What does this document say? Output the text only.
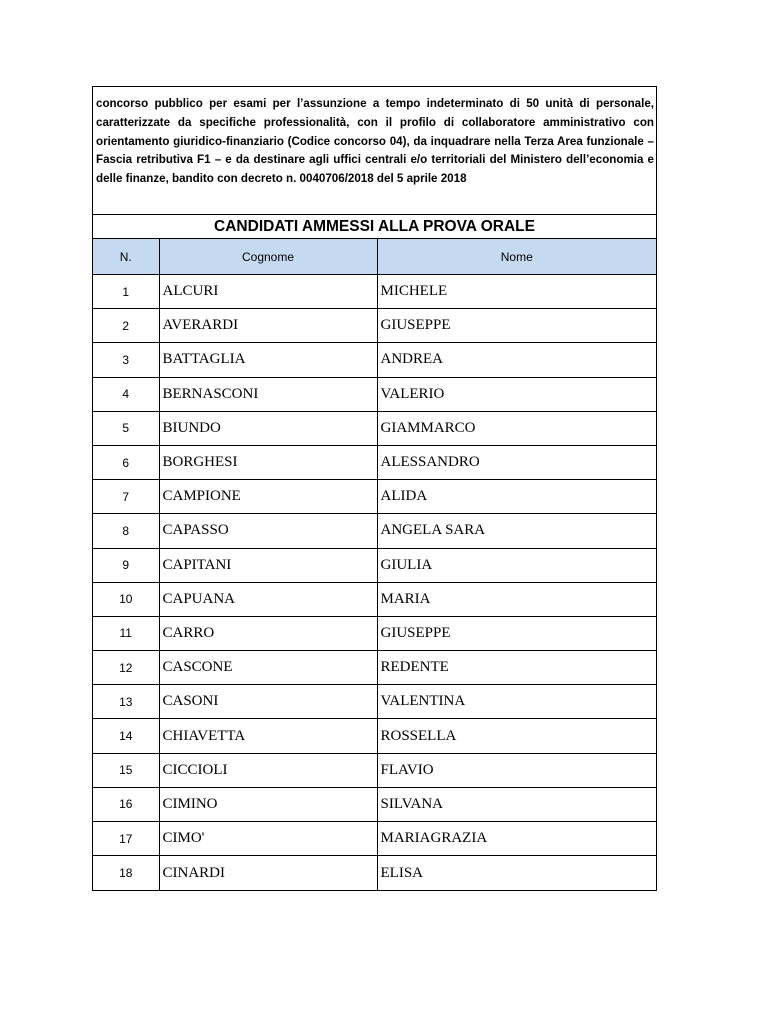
concorso pubblico per esami per l’assunzione a tempo indeterminato di 50 unità di personale, caratterizzate da specifiche professionalità, con il profilo di collaboratore amministrativo con orientamento giuridico-finanziario (Codice concorso 04), da inquadrare nella Terza Area funzionale – Fascia retributiva F1 – e da destinare agli uffici centrali e/o territoriali del Ministero dell’economia e delle finanze, bandito con decreto n. 0040706/2018 del 5 aprile 2018
CANDIDATI AMMESSI ALLA PROVA ORALE
N.	Cognome	Nome
1	ALCURI	MICHELE
2	AVERARDI	GIUSEPPE
3	BATTAGLIA	ANDREA
4	BERNASCONI	VALERIO
5	BIUNDO	GIAMMARCO
6	BORGHESI	ALESSANDRO
7	CAMPIONE	ALIDA
8	CAPASSO	ANGELA SARA
9	CAPITANI	GIULIA
10	CAPUANA	MARIA
11	CARRO	GIUSEPPE
12	CASCONE	REDENTE
13	CASONI	VALENTINA
14	CHIAVETTA	ROSSELLA
15	CICCIOLI	FLAVIO
16	CIMINO	SILVANA
17	CIMO'	MARIAGRAZIA
18	CINARDI	ELISA
